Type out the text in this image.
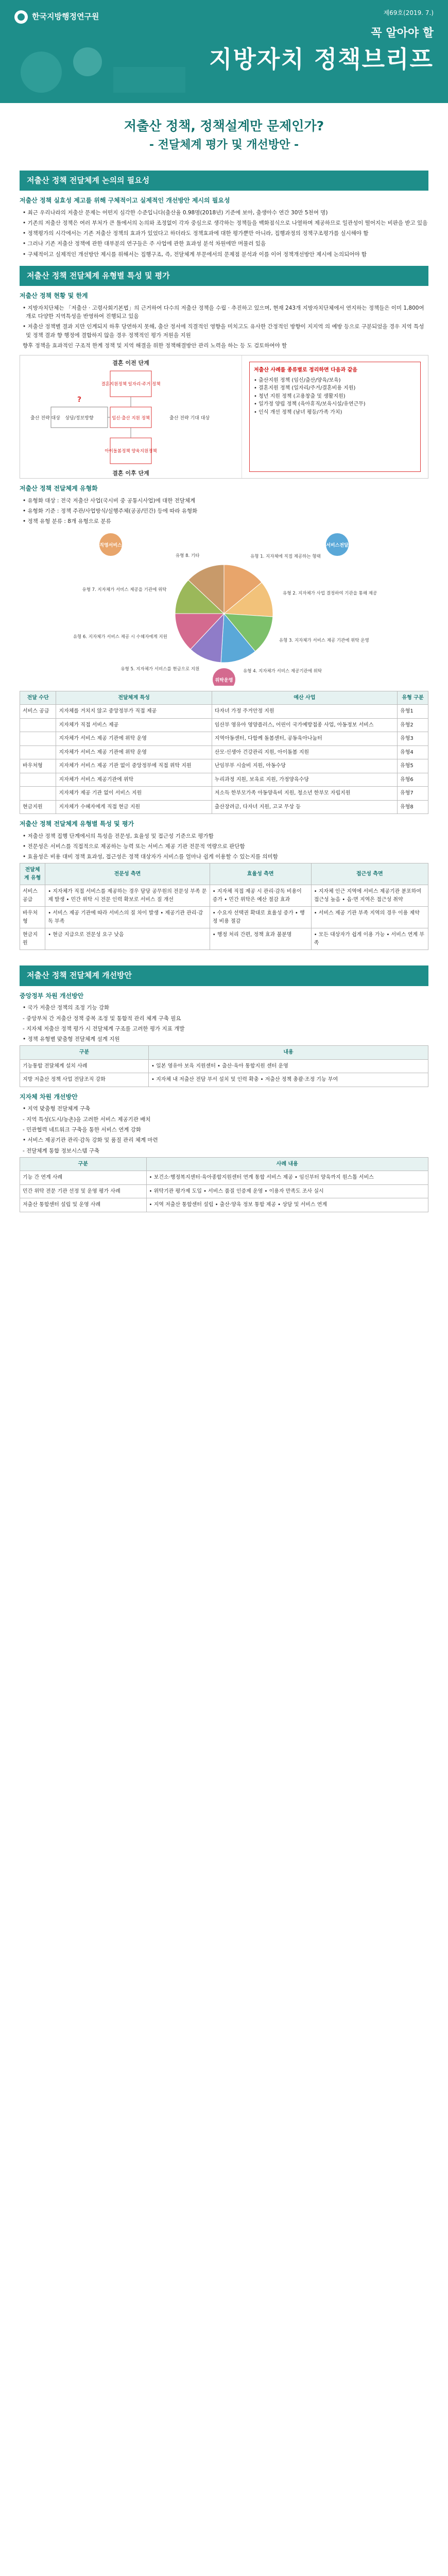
한국지방행정연구원	제69호(2019. 7.)
꼭 알아야 할
지방자치 정책브리프
저출산 정책, 정책설계만 문제인가?
- 전달체계 평가 및 개선방안 -
저출산 정책 전달체계 논의의 필요성
저출산 정책 실효성 제고를 위해 구체적이고 실제적인 개선방안 제시의 필요성
• 최근 우리나라의 저출산 문제는 어떤지 심각한 수준입니다(출산율 0.98명(2018년) 기준에 보아, 출생아수 연간 30만 5천여 명)
• 기존의 저출산 정책은 여러 부처가 큰 틀에서의 논의와 조정없이 각자 중심으로 생각하는 정책들을 백화점식으로 나열하며 제공하므로 일관성이 떨어지는 비판을 받고 있음
• 정책평가의 시각에서는 기존 저출산 정책의 효과가 있었다고 하더라도 정책효과에 대한 평가뿐만 아니라, 집행과정의 정책구조평가를 실시해야 함
• 그러나 기존 저출산 정책에 관한 대부분의 연구들은 주 사업에 관한 효과성 분석 차원에만 머물러 있음
• 구체적이고 실제적인 개선방안 제시를 위해서는 집행구조, 즉, 전달체계 부문에서의 문제점 분석과 이를 이어 정책개선방안 제시에 논의되어야 함
저출산 정책 전달체계 유형별 특성 및 평가
저출산 정책 현황 및 한계
• 지방자치단체는 「저출산 · 고령사회기본법」의 근거하여 다수의 저출산 정책을 수립 · 추진하고 있으며, 현재 243개 지방자치단체에서 연지하는 정책들은 이미 1,800여 개로 다양한 지역특성을 반영하여 진행되고 있음
• 저출산 정책별 결과 지만 인계되지 하후 당연하지 못해, 출산 정서에 직결적인 영향을 미치고도 유사한 간정적인 방향이 지지역 의 예방 등으로 구분되었을 경우 지역 특성 및 정책 결과 향 행정에 결합하지 않을 경우 정책적인 평가 저원을 지원
향후 정책을 효과적인 구조적 한계 정책 및 지역 해결을 위한 정책해결방안 관리 노력을 하는 등 도 검토하여야 할
결혼 이전 단계
결혼 이후 단계
결혼지원정책 일자리·주거 정책
상담/정보방향	임신·출산 지원 정책
아이돌봄정책 양육지원정책
출산 전략 대상	출산 전략 기대 대상
?
저출산 사례를 종류별로 정리하면 다음과 같음
• 출산지원 정책 (임신/출산/양육/보육)
• 결혼지원 정책 (일자리/주거/결혼비용 지원)
• 청년 지원 정책 (고용창출 및 생활지원)
• 일가정 양립 정책 (육아휴직/보육시설/유연근무)
• 인식 개선 정책 (남녀 평등/가족 가치)
저출산 정책 전달체계 유형화
• 유형화 대상 : 전국 저출산 사업(국시비 중 공통시사업)에 대한 전달체계
• 유형화 기준 : 정책 주관/사업방식/실행주체(공공/민간) 등에 따라 유형화
• 정책 유형 분류 : 8개 유형으로 분류
유형 1. 지자체에 직접 제공하는 형태
유형 2. 지자체가 사업 결정하여 기관을 통해 제공
유형 3. 지자체가 서비스 제공 기관에 위탁 운영
유형 4. 지자체가 서비스 제공기관에 위탁
유형 5. 지자체가 서비스를 현금으로 지원
유형 6. 지자체가 서비스 제공 시 수혜자에게 지원
유형 7. 지자체가 서비스 제공을 기관에 위탁
유형 8. 기타
직영서비스	서비스전달
위탁운영
전달 수단	전달체계 특성	예산 사업	유형 구분
서비스 공급	지자체를 거치지 않고 중앙정부가 직접 제공	다자녀 가정 주거안정 지원	유형1
	지자체가 직접 서비스 제공	임산부 영유아 영양플러스, 어린이 국가예방접종 사업, 아동정보 서비스	유형2
	지자체가 서비스 제공 기관에 위탁 운영	지역아동센터, 다함께 돌봄센터, 공동육아나눔터	유형3
	지자체가 서비스 제공 기관에 위탁 운영	산모·신생아 건강관리 지원, 아이돌봄 지원	유형4
바우처형	지자체가 서비스 제공 기관 없이 중앙정부에 직접 위탁 지원	난임부부 시술비 지원, 아동수당	유형5
	지자체가 서비스 제공기관에 위탁	누리과정 지원, 보육료 지원, 가정양육수당	유형6
	지자체가 제공 기관 없이 서비스 지원	저소득 한부모가족 아동양육비 지원, 청소년 한부모 자립지원	유형7
현금지원	지자체가 수혜자에게 직접 현금 지원	출산장려금, 다자녀 지원, 고교 무상 등	유형8
저출산 정책 전달체계 유형별 특성 및 평가
• 저출산 정책 집행 단계에서의 특성을 전문성, 효율성 및 접근성 기준으로 평가함
• 전문성은 서비스를 직접적으로 제공하는 능력 또는 서비스 제공 기관 전문적 역량으로 판단함
• 효율성은 비용 대비 정책 효과성, 접근성은 정책 대상자가 서비스를 얼마나 쉽게 이용할 수 있는지를 의미함
전달체계 유형	전문성 측면	효율성 측면	접근성 측면
서비스 공급	• 지자체가 직접 서비스를 제공하는 경우 담당 공무원의 전문성 부족 문제 발생 • 민간 위탁 시 전문 인력 확보로 서비스 질 개선	• 지자체 직접 제공 시 관리·감독 비용이 증가 • 민간 위탁은 예산 절감 효과	• 지자체 인근 지역에 서비스 제공기관 분포하여 접근성 높음 • 읍·면 지역은 접근성 취약
바우처형	• 서비스 제공 기관에 따라 서비스의 질 차이 발생 • 제공기관 관리·감독 부족	• 수요자 선택권 확대로 효율성 증가 • 행정 비용 절감	• 서비스 제공 기관 부족 지역의 경우 이용 제약
현금지원	• 현금 지급으로 전문성 요구 낮음	• 행정 처리 간편, 정책 효과 불분명	• 모든 대상자가 쉽게 이용 가능 • 서비스 연계 부족
저출산 정책 전달체계 개선방안
중앙정부 차원 개선방안
• 국가 저출산 정책의 조정 기능 강화
- 중앙부처 간 저출산 정책 중복 조정 및 통합적 관리 체계 구축 필요
- 지자체 저출산 정책 평가 시 전달체계 구조를 고려한 평가 지표 개발
• 정책 유형별 맞춤형 전달체계 설계 지원
구분	내용
기능통합 전달체계 설치 사례	• 일본 영유아 보육 지원센터 • 출산·육아 통합지원 센터 운영
지방 저출산 정책 사업 전담조직 강화	• 지자체 내 저출산 전담 부서 설치 및 인력 확충 • 저출산 정책 총괄·조정 기능 부여
지자체 차원 개선방안
• 지역 맞춤형 전달체계 구축
- 지역 특성(도시/농촌)을 고려한 서비스 제공기관 배치
- 민관협력 네트워크 구축을 통한 서비스 연계 강화
• 서비스 제공기관 관리·감독 강화 및 품질 관리 체계 마련
- 전달체계 통합 정보시스템 구축
구분	사례 내용
기능 간 연계 사례	• 보건소·행정복지센터·육아종합지원센터 연계 통합 서비스 제공 • 임신부터 양육까지 원스톱 서비스
민간 위탁 전문 기관 선정 및 운영 평가 사례	• 위탁기관 평가제 도입 • 서비스 품질 인증제 운영 • 이용자 만족도 조사 실시
저출산 통합센터 설립 및 운영 사례	• 지역 저출산 통합센터 설립 • 출산·양육 정보 통합 제공 • 상담 및 서비스 연계
